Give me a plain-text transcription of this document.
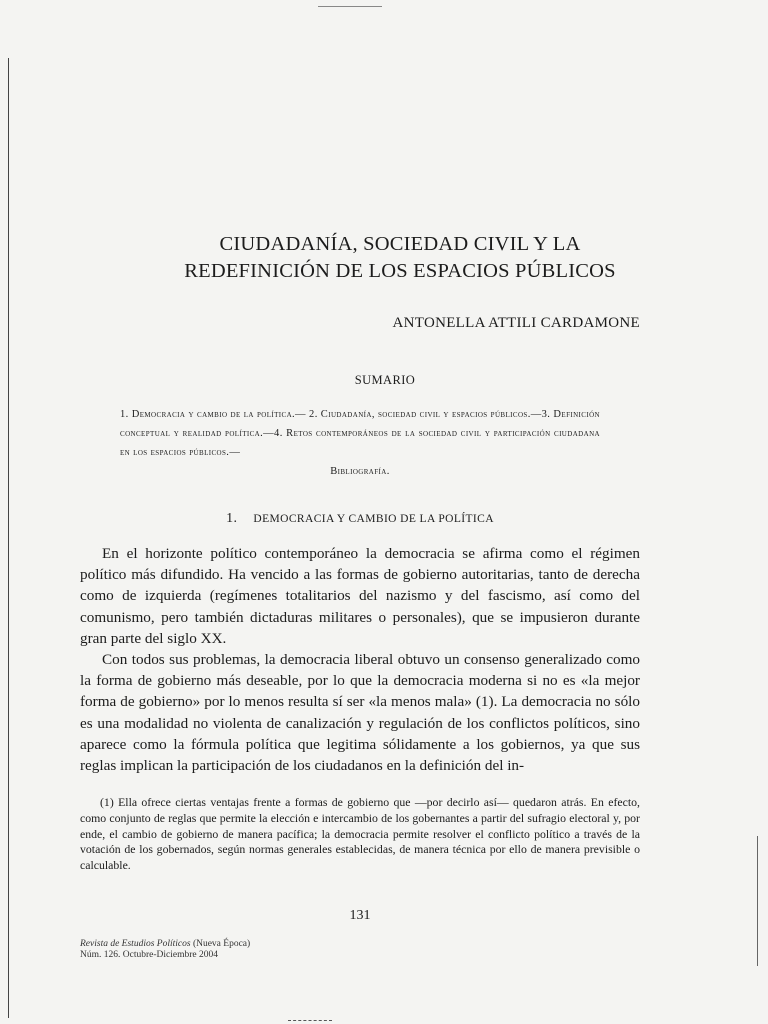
CIUDADANÍA, SOCIEDAD CIVIL Y LA
REDEFINICIÓN DE LOS ESPACIOS PÚBLICOS
ANTONELLA ATTILI CARDAMONE
SUMARIO
1. Democracia y cambio de la política.— 2. Ciudadanía, sociedad civil y espacios públicos.—3. Definición conceptual y realidad política.—4. Retos contemporáneos de la sociedad civil y participación ciudadana en los espacios públicos.—
Bibliografía.
1. DEMOCRACIA Y CAMBIO DE LA POLÍTICA

En el horizonte político contemporáneo la democracia se afirma como el régimen político más difundido. Ha vencido a las formas de gobierno autoritarias, tanto de derecha como de izquierda (regímenes totalitarios del nazismo y del fascismo, así como del comunismo, pero también dictaduras militares o personales), que se impusieron durante gran parte del siglo XX.

Con todos sus problemas, la democracia liberal obtuvo un consenso generalizado como la forma de gobierno más deseable, por lo que la democracia moderna si no es «la mejor forma de gobierno» por lo menos resulta sí ser «la menos mala» (1). La democracia no sólo es una modalidad no violenta de canalización y regulación de los conflictos políticos, sino aparece como la fórmula política que legitima sólidamente a los gobiernos, ya que sus reglas implican la participación de los ciudadanos en la definición del in-

(1) Ella ofrece ciertas ventajas frente a formas de gobierno que —por decirlo así— quedaron atrás. En efecto, como conjunto de reglas que permite la elección e intercambio de los gobernantes a partir del sufragio electoral y, por ende, el cambio de gobierno de manera pacífica; la democracia permite resolver el conflicto político a través de la votación de los gobernados, según normas generales establecidas, de manera técnica por ello de manera previsible o calculable.

131
Revista de Estudios Políticos (Nueva Época)
Núm. 126. Octubre-Diciembre 2004
